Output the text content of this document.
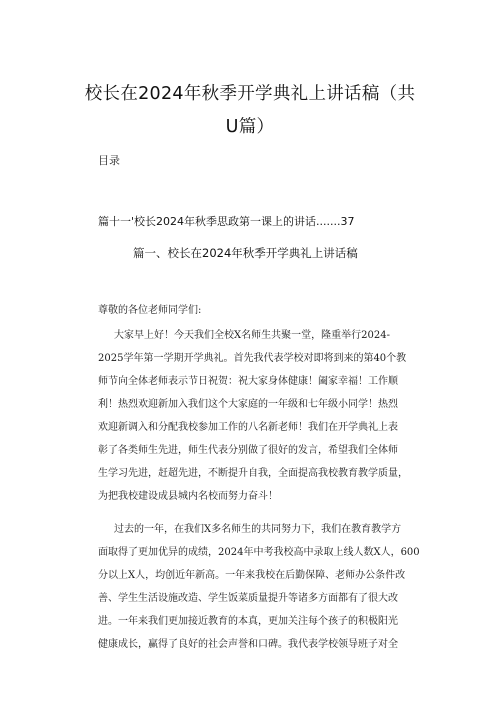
校长在2024年秋季开学典礼上讲话稿（共
U篇）
目录
篇十一'校长2024年秋季思政第一课上的讲话.......37
篇一、校长在2024年秋季开学典礼上讲话稿
尊敬的各位老师同学们:
大家早上好！今天我们全校X名师生共聚一堂，隆重举行2024-
2025学年第一学期开学典礼。首先我代表学校对即将到来的第40个教
师节向全体老师表示节日祝贺：祝大家身体健康！阖家幸福！工作顺
利！热烈欢迎新加入我们这个大家庭的一年级和七年级小同学！热烈
欢迎新调入和分配我校参加工作的八名新老师！我们在开学典礼上表
彰了各类师生先进，师生代表分别做了很好的发言，希望我们全体师
生学习先进，赶超先进，不断提升自我，全面提高我校教育教学质量，
为把我校建设成县城内名校而努力奋斗！
过去的一年，在我们X多名师生的共同努力下，我们在教育教学方
面取得了更加优异的成绩，2024年中考我校高中录取上线人数X人，600
分以上X人，均创近年新高。一年来我校在后勤保障、老师办公条件改
善、学生生活设施改造、学生饭菜质量提升等诸多方面都有了很大改
进。一年来我们更加接近教育的本真，更加关注每个孩子的积极阳光
健康成长，赢得了良好的社会声誉和口碑。我代表学校领导班子对全
